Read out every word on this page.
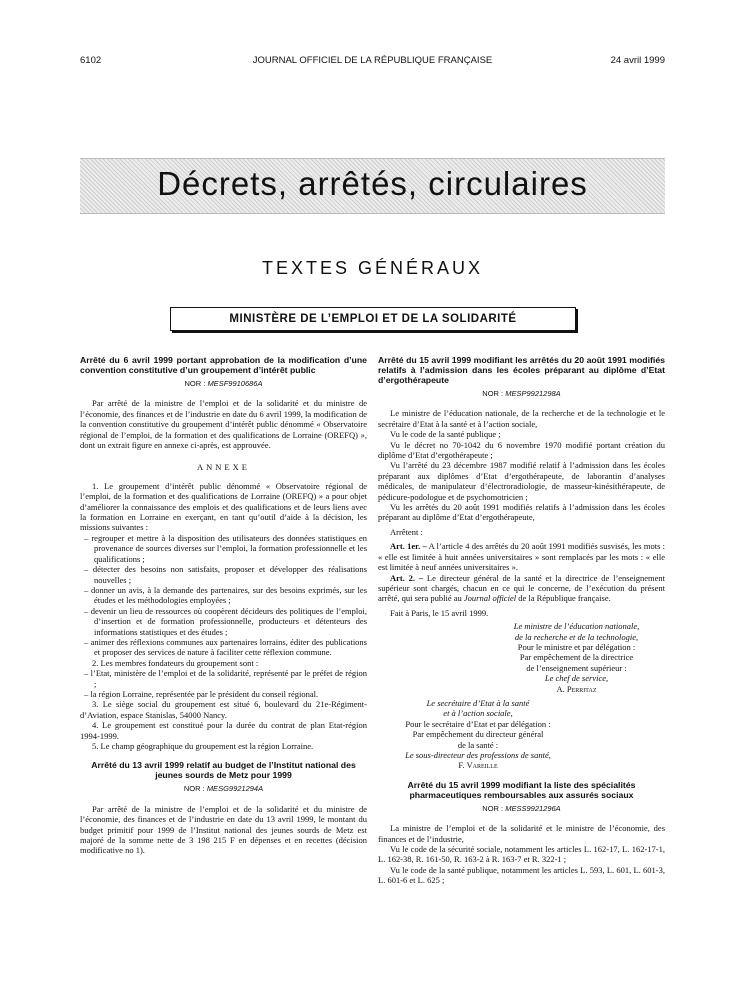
6102	JOURNAL OFFICIEL DE LA RÉPUBLIQUE FRANÇAISE	24 avril 1999
Décrets, arrêtés, circulaires
TEXTES GÉNÉRAUX
MINISTÈRE DE L’EMPLOI ET DE LA SOLIDARITÉ

Arrêté du 6 avril 1999 portant approbation de la modification d’une convention constitutive d’un groupement d’intérêt public

NOR : MESF9910686A

Par arrêté de la ministre de l’emploi et de la solidarité et du ministre de l’économie, des finances et de l’industrie en date du 6 avril 1999, la modification de la convention constitutive du groupement d’intérêt public dénommé « Observatoire régional de l’emploi, de la formation et des qualifications de Lorraine (OREFQ) », dont un extrait figure en annexe ci-après, est approuvée.

ANNEXE

1. Le groupement d’intérêt public dénommé « Observatoire régional de l’emploi, de la formation et des qualifications de Lorraine (OREFQ) » a pour objet d’améliorer la connaissance des emplois et des qualifications et de leurs liens avec la formation en Lorraine en exerçant, en tant qu’outil d’aide à la décision, les missions suivantes :

– regrouper et mettre à la disposition des utilisateurs des données statistiques en provenance de sources diverses sur l’emploi, la formation professionnelle et les qualifications ;

– détecter des besoins non satisfaits, proposer et développer des réalisations nouvelles ;

– donner un avis, à la demande des partenaires, sur des besoins exprimés, sur les études et les méthodologies employées ;

– devenir un lieu de ressources où coopèrent décideurs des politiques de l’emploi, d’insertion et de formation professionnelle, producteurs et détenteurs des informations statistiques et des études ;

– animer des réflexions communes aux partenaires lorrains, éditer des publications et proposer des services de nature à faciliter cette réflexion commune.

2. Les membres fondateurs du groupement sont :

– l’Etat, ministère de l’emploi et de la solidarité, représenté par le préfet de région ;

– la région Lorraine, représentée par le président du conseil régional.

3. Le siège social du groupement est situé 6, boulevard du 21e-Régiment-d’Aviation, espace Stanislas, 54000 Nancy.

4. Le groupement est constitué pour la durée du contrat de plan Etat-région 1994-1999.

5. Le champ géographique du groupement est la région Lorraine.

Arrêté du 13 avril 1999 relatif au budget de l’Institut national des jeunes sourds de Metz pour 1999

NOR : MESG9921294A

Par arrêté de la ministre de l’emploi et de la solidarité et du ministre de l’économie, des finances et de l’industrie en date du 13 avril 1999, le montant du budget primitif pour 1999 de l’Institut national des jeunes sourds de Metz est majoré de la somme nette de 3 198 215 F en dépenses et en recettes (décision modificative no 1).

Arrêté du 15 avril 1999 modifiant les arrêtés du 20 août 1991 modifiés relatifs à l’admission dans les écoles préparant au diplôme d’Etat d’ergothérapeute

NOR : MESP9921298A

Le ministre de l’éducation nationale, de la recherche et de la technologie et le secrétaire d’Etat à la santé et à l’action sociale,

Vu le code de la santé publique ;

Vu le décret no 70-1042 du 6 novembre 1970 modifié portant création du diplôme d’Etat d’ergothérapeute ;

Vu l’arrêté du 23 décembre 1987 modifié relatif à l’admission dans les écoles préparant aux diplômes d’Etat d’ergothérapeute, de laborantin d’analyses médicales, de manipulateur d’électroradiologie, de masseur-kinésithérapeute, de pédicure-podologue et de psychomotricien ;

Vu les arrêtés du 20 août 1991 modifiés relatifs à l’admission dans les écoles préparant au diplôme d’Etat d’ergothérapeute,

Arrêtent :

Art. 1er. – A l’article 4 des arrêtés du 20 août 1991 modifiés susvisés, les mots : « elle est limitée à huit années universitaires » sont remplacés par les mots : « elle est limitée à neuf années universitaires ».

Art. 2. – Le directeur général de la santé et la directrice de l’enseignement supérieur sont chargés, chacun en ce qui le concerne, de l’exécution du présent arrêté, qui sera publié au Journal officiel de la République française.

Fait à Paris, le 15 avril 1999.

Le ministre de l’éducation nationale,

de la recherche et de la technologie,

Pour le ministre et par délégation :

Par empêchement de la directrice

de l’enseignement supérieur :

Le chef de service,

A. Perritaz

Le secrétaire d’Etat à la santé

et à l’action sociale,

Pour le secrétaire d’Etat et par délégation :

Par empêchement du directeur général

de la santé :

Le sous-directeur des professions de santé,

F. Vareille

Arrêté du 15 avril 1999 modifiant la liste des spécialités pharmaceutiques remboursables aux assurés sociaux

NOR : MESS9921296A

La ministre de l’emploi et de la solidarité et le ministre de l’économie, des finances et de l’industrie,

Vu le code de la sécurité sociale, notamment les articles L. 162-17, L. 162-17-1, L. 162-38, R. 161-50, R. 163-2 à R. 163-7 et R. 322-1 ;

Vu le code de la santé publique, notamment les articles L. 593, L. 601, L. 601-3, L. 601-6 et L. 625 ;
